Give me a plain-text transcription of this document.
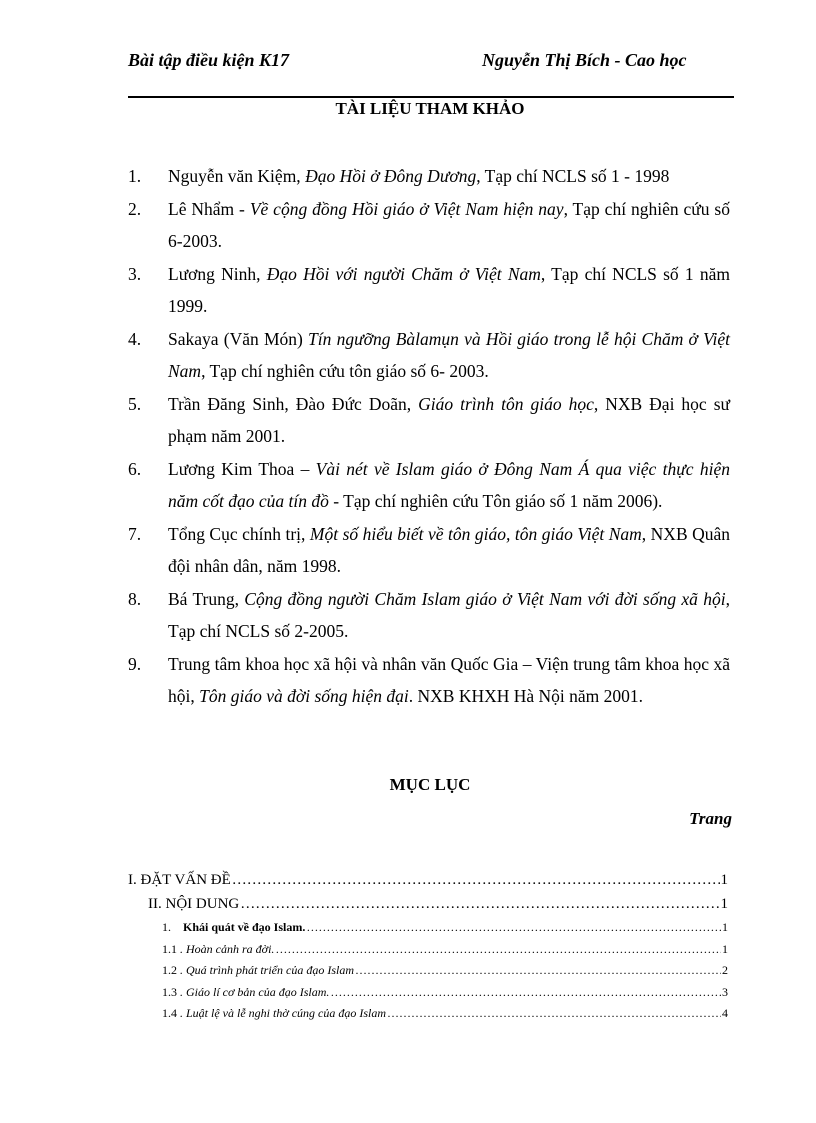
Bài tập điều kiện K17	Nguyễn Thị Bích - Cao học
TÀI LIỆU THAM KHẢO
1. Nguyễn văn Kiệm, Đạo Hồi ở Đông Dương, Tạp chí NCLS số 1 - 1998
2. Lê Nhẩm - Về cộng đồng Hồi giáo ở Việt Nam hiện nay, Tạp chí nghiên cứu số 6-2003.
3. Lương Ninh, Đạo Hồi với người Chăm ở Việt Nam, Tạp chí NCLS số 1 năm 1999.
4. Sakaya (Văn Món) Tín ngưỡng Bàlamụn và Hồi giáo trong lễ hội Chăm ở Việt Nam, Tạp chí nghiên cứu tôn giáo số 6- 2003.
5. Trần Đăng Sinh, Đào Đức Doãn, Giáo trình tôn giáo học, NXB Đại học sư phạm năm 2001.
6. Lương Kim Thoa – Vài nét về Islam giáo ở Đông Nam Á qua việc thực hiện năm cốt đạo của tín đồ - Tạp chí nghiên cứu Tôn giáo số 1 năm 2006).
7. Tổng Cục chính trị, Một số hiểu biết về tôn giáo, tôn giáo Việt Nam, NXB Quân đội nhân dân, năm 1998.
8. Bá Trung, Cộng đồng người Chăm Islam giáo ở Việt Nam với đời sống xã hội, Tạp chí NCLS số 2-2005.
9. Trung tâm khoa học xã hội và nhân văn Quốc Gia – Viện trung tâm khoa học xã hội, Tôn giáo và đời sống hiện đại. NXB KHXH Hà Nội năm 2001.
MỤC LỤC
Trang
I. ĐẶT VẤN ĐỀ …………………………………………………………………………………………………………………………………………………………………	1
II. NỘI DUNG …………………………………………………………………………………………………………………………………………………………………	1
1. Khái quát về đạo Islam. …………………………………………………………………………………………………………………………………………………………………	1
1.1 . Hoàn cảnh ra đời. …………………………………………………………………………………………………………………………………………………………………	1
1.2 . Quá trình phát triển của đạo Islam …………………………………………………………………………………………………………………………………………………………………	2
1.3 . Giáo lí cơ bản của đạo Islam. …………………………………………………………………………………………………………………………………………………………………	3
1.4 . Luật lệ và lễ nghi thờ cúng của đạo Islam …………………………………………………………………………………………………………………………………………………………………	4
